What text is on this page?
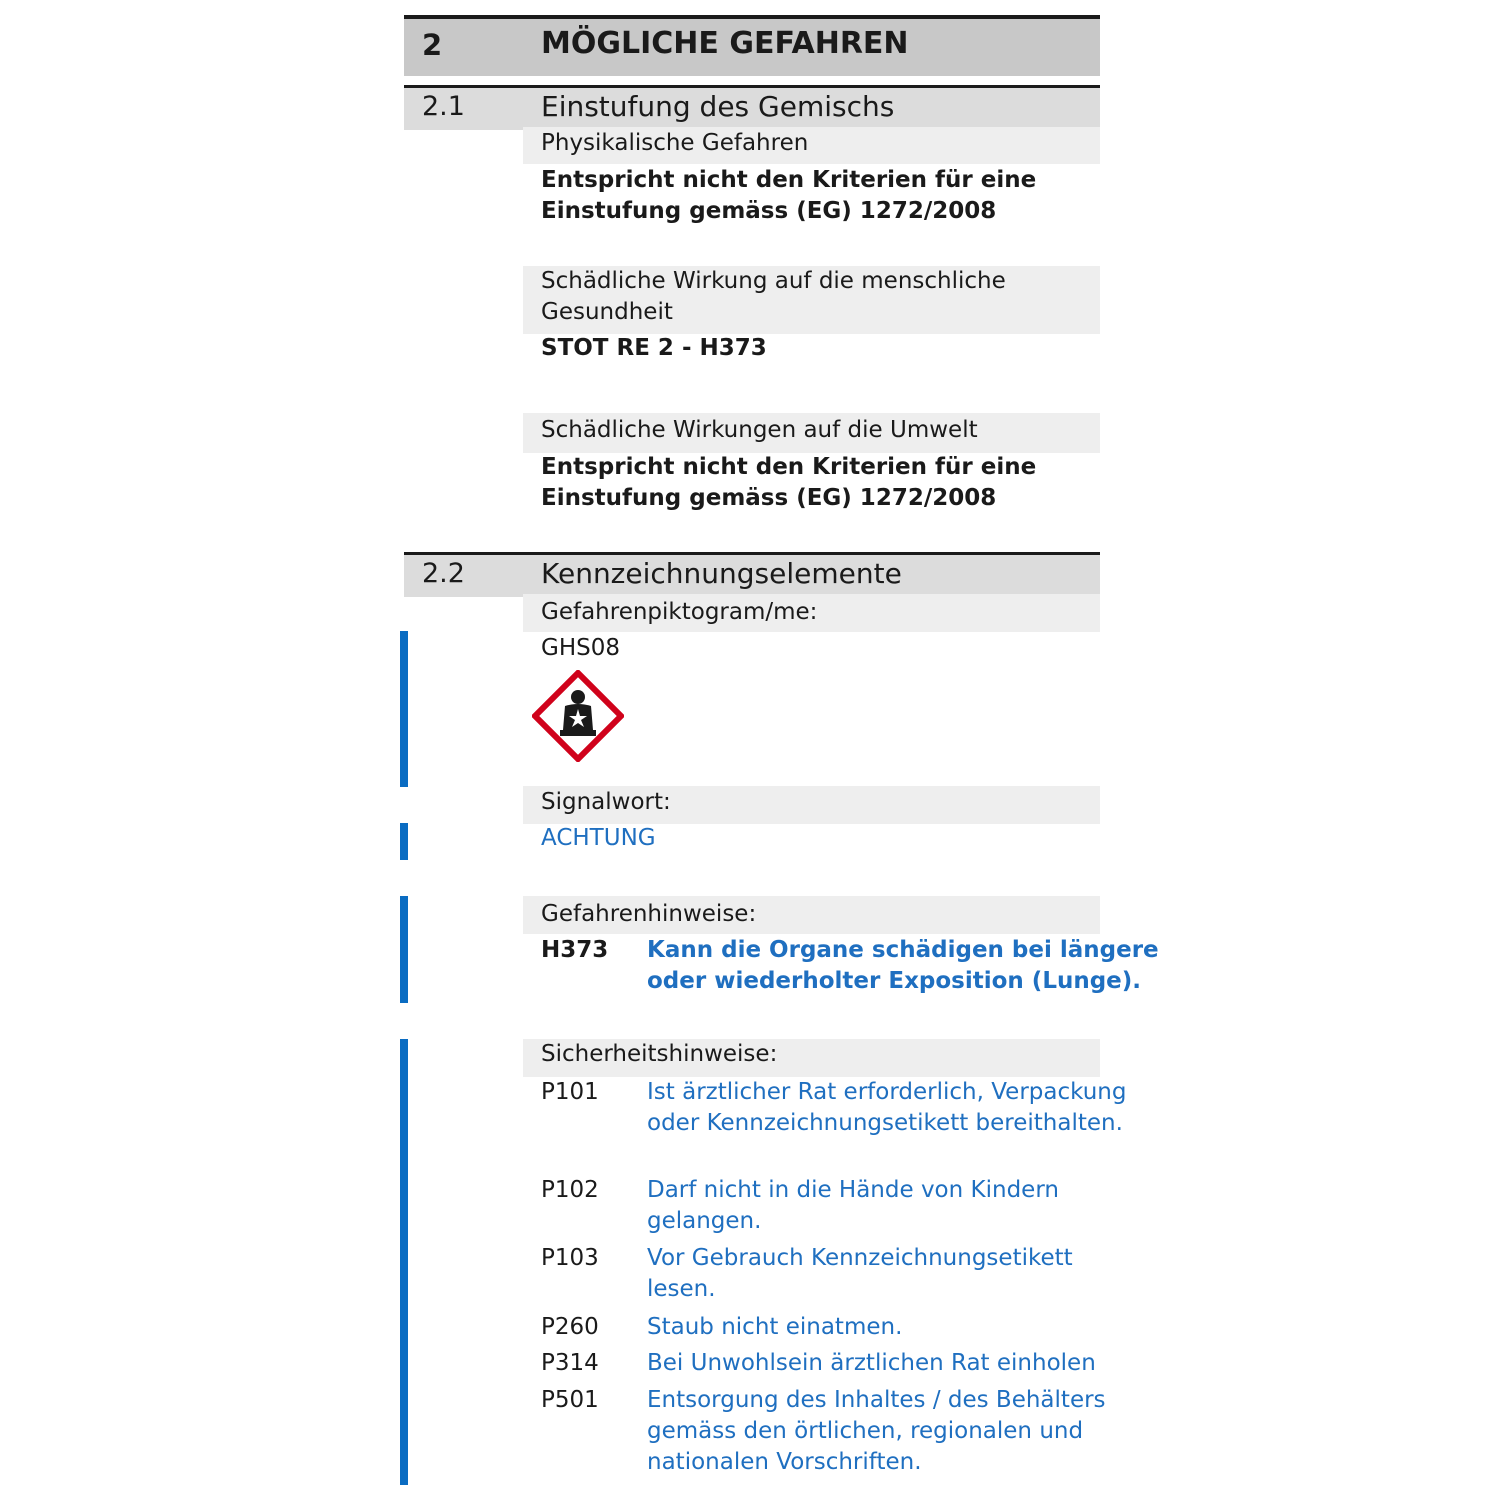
2	MÖGLICHE GEFAHREN
2.1	Einstufung des Gemischs
Physikalische Gefahren
Entspricht nicht den Kriterien für eine
Einstufung gemäss (EG) 1272/2008
Schädliche Wirkung auf die menschliche
Gesundheit
STOT RE 2 - H373
Schädliche Wirkungen auf die Umwelt
Entspricht nicht den Kriterien für eine
Einstufung gemäss (EG) 1272/2008
2.2	Kennzeichnungselemente
Gefahrenpiktogram/me:
GHS08
Signalwort:
ACHTUNG
Gefahrenhinweise:
H373 Kann die Organe schädigen bei längere
oder wiederholter Exposition (Lunge).
Sicherheitshinweise:
P101 Ist ärztlicher Rat erforderlich, Verpackung
oder Kennzeichnungsetikett bereithalten.
P102 Darf nicht in die Hände von Kindern
gelangen.
P103 Vor Gebrauch Kennzeichnungsetikett
lesen.
P260 Staub nicht einatmen.
P314 Bei Unwohlsein ärztlichen Rat einholen
P501 Entsorgung des Inhaltes / des Behälters
gemäss den örtlichen, regionalen und
nationalen Vorschriften.
